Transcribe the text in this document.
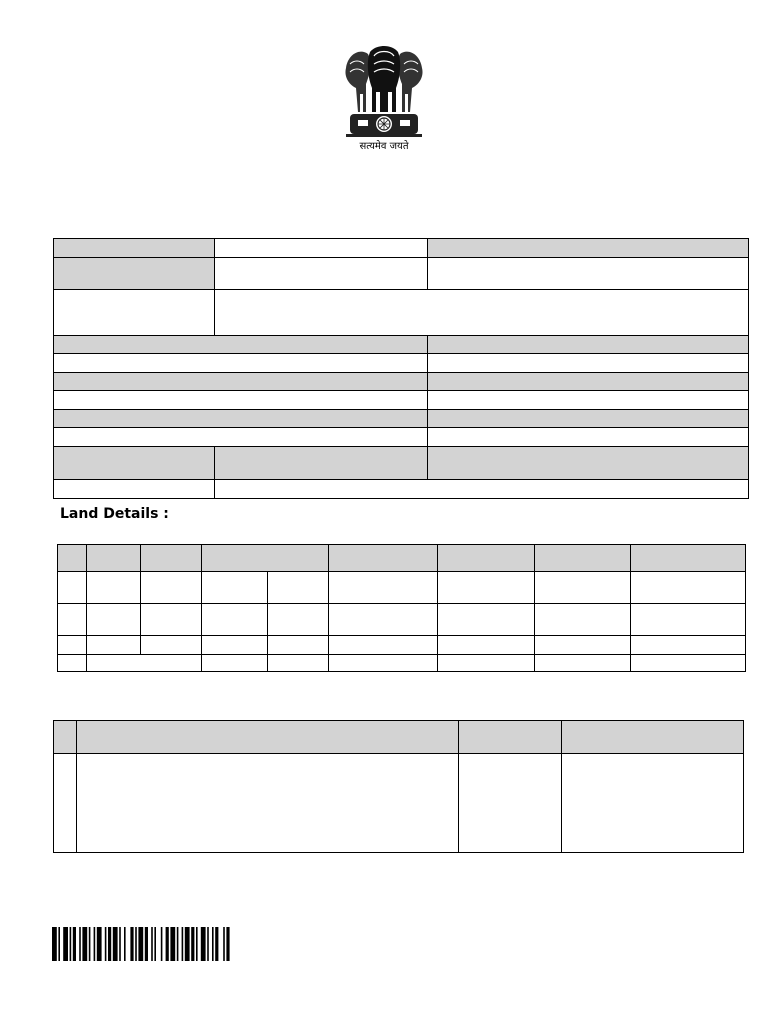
सत्यमेव जयते

Land Details :
